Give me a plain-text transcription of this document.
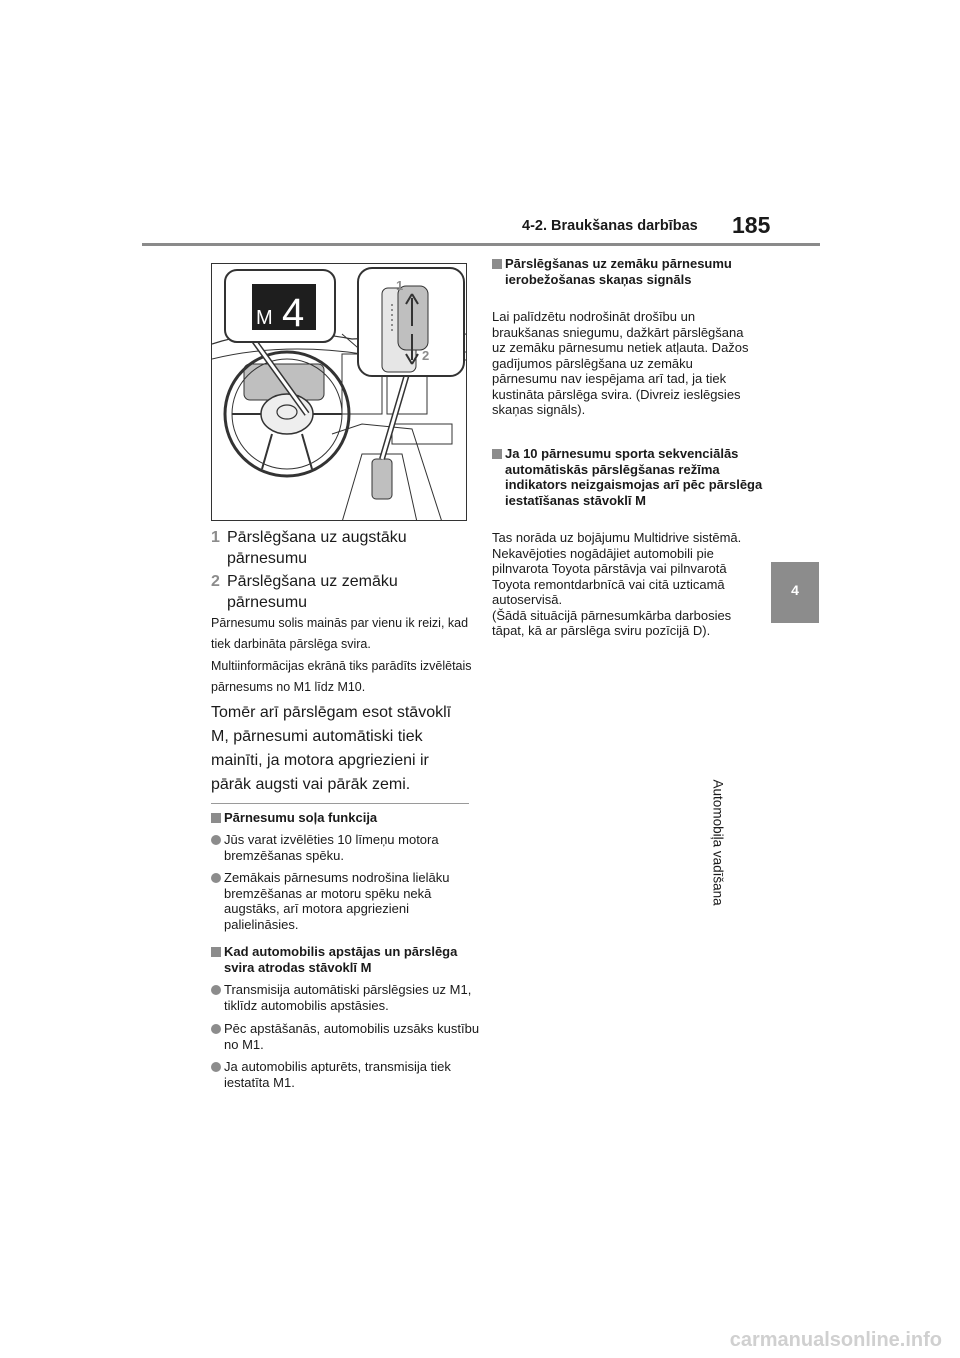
4-2. Braukšanas darbības 185
4
Automobiļa vadīšana
M 4
1
2
1 Pārslēgšana uz augstāku pārnesumu
2 Pārslēgšana uz zemāku pārnesumu
Pārnesumu solis mainās par vienu ik reizi, kad tiek darbināta pārslēga svira.
Multiinformācijas ekrānā tiks parādīts izvēlētais pārnesums no M1 līdz M10.
Tomēr arī pārslēgam esot stāvoklī M, pārnesumi automātiski tiek mainīti, ja motora apgriezieni ir pārāk augsti vai pārāk zemi.
Pārnesumu soļa funkcija
Jūs varat izvēlēties 10 līmeņu motora bremzēšanas spēku.
Zemākais pārnesums nodrošina lielāku bremzēšanas ar motoru spēku nekā augstāks, arī motora apgriezieni palielināsies.
Kad automobilis apstājas un pārslēga svira atrodas stāvoklī M
Transmisija automātiski pārslēgsies uz M1, tiklīdz automobilis apstāsies.
Pēc apstāšanās, automobilis uzsāks kustību no M1.
Ja automobilis apturēts, transmisija tiek iestatīta M1.
Pārslēgšanas uz zemāku pārnesumu ierobežošanas skaņas signāls
Lai palīdzētu nodrošināt drošību un braukšanas sniegumu, dažkārt pārslēgšana uz zemāku pārnesumu netiek atļauta. Dažos gadījumos pārslēgšana uz zemāku pārnesumu nav iespējama arī tad, ja tiek kustināta pārslēga svira. (Divreiz ieslēgsies skaņas signāls).
Ja 10 pārnesumu sporta sekvenciālās automātiskās pārslēgšanas režīma indikators neizgaismojas arī pēc pārslēga iestatīšanas stāvoklī M
Tas norāda uz bojājumu Multidrive sistēmā. Nekavējoties nogādājiet automobili pie pilnvarota Toyota pārstāvja vai pilnvarotā Toyota remontdarbnīcā vai citā uzticamā autoservisā.
(Šādā situācijā pārnesumkārba darbosies tāpat, kā ar pārslēga sviru pozīcijā D).
carmanualsonline.info
